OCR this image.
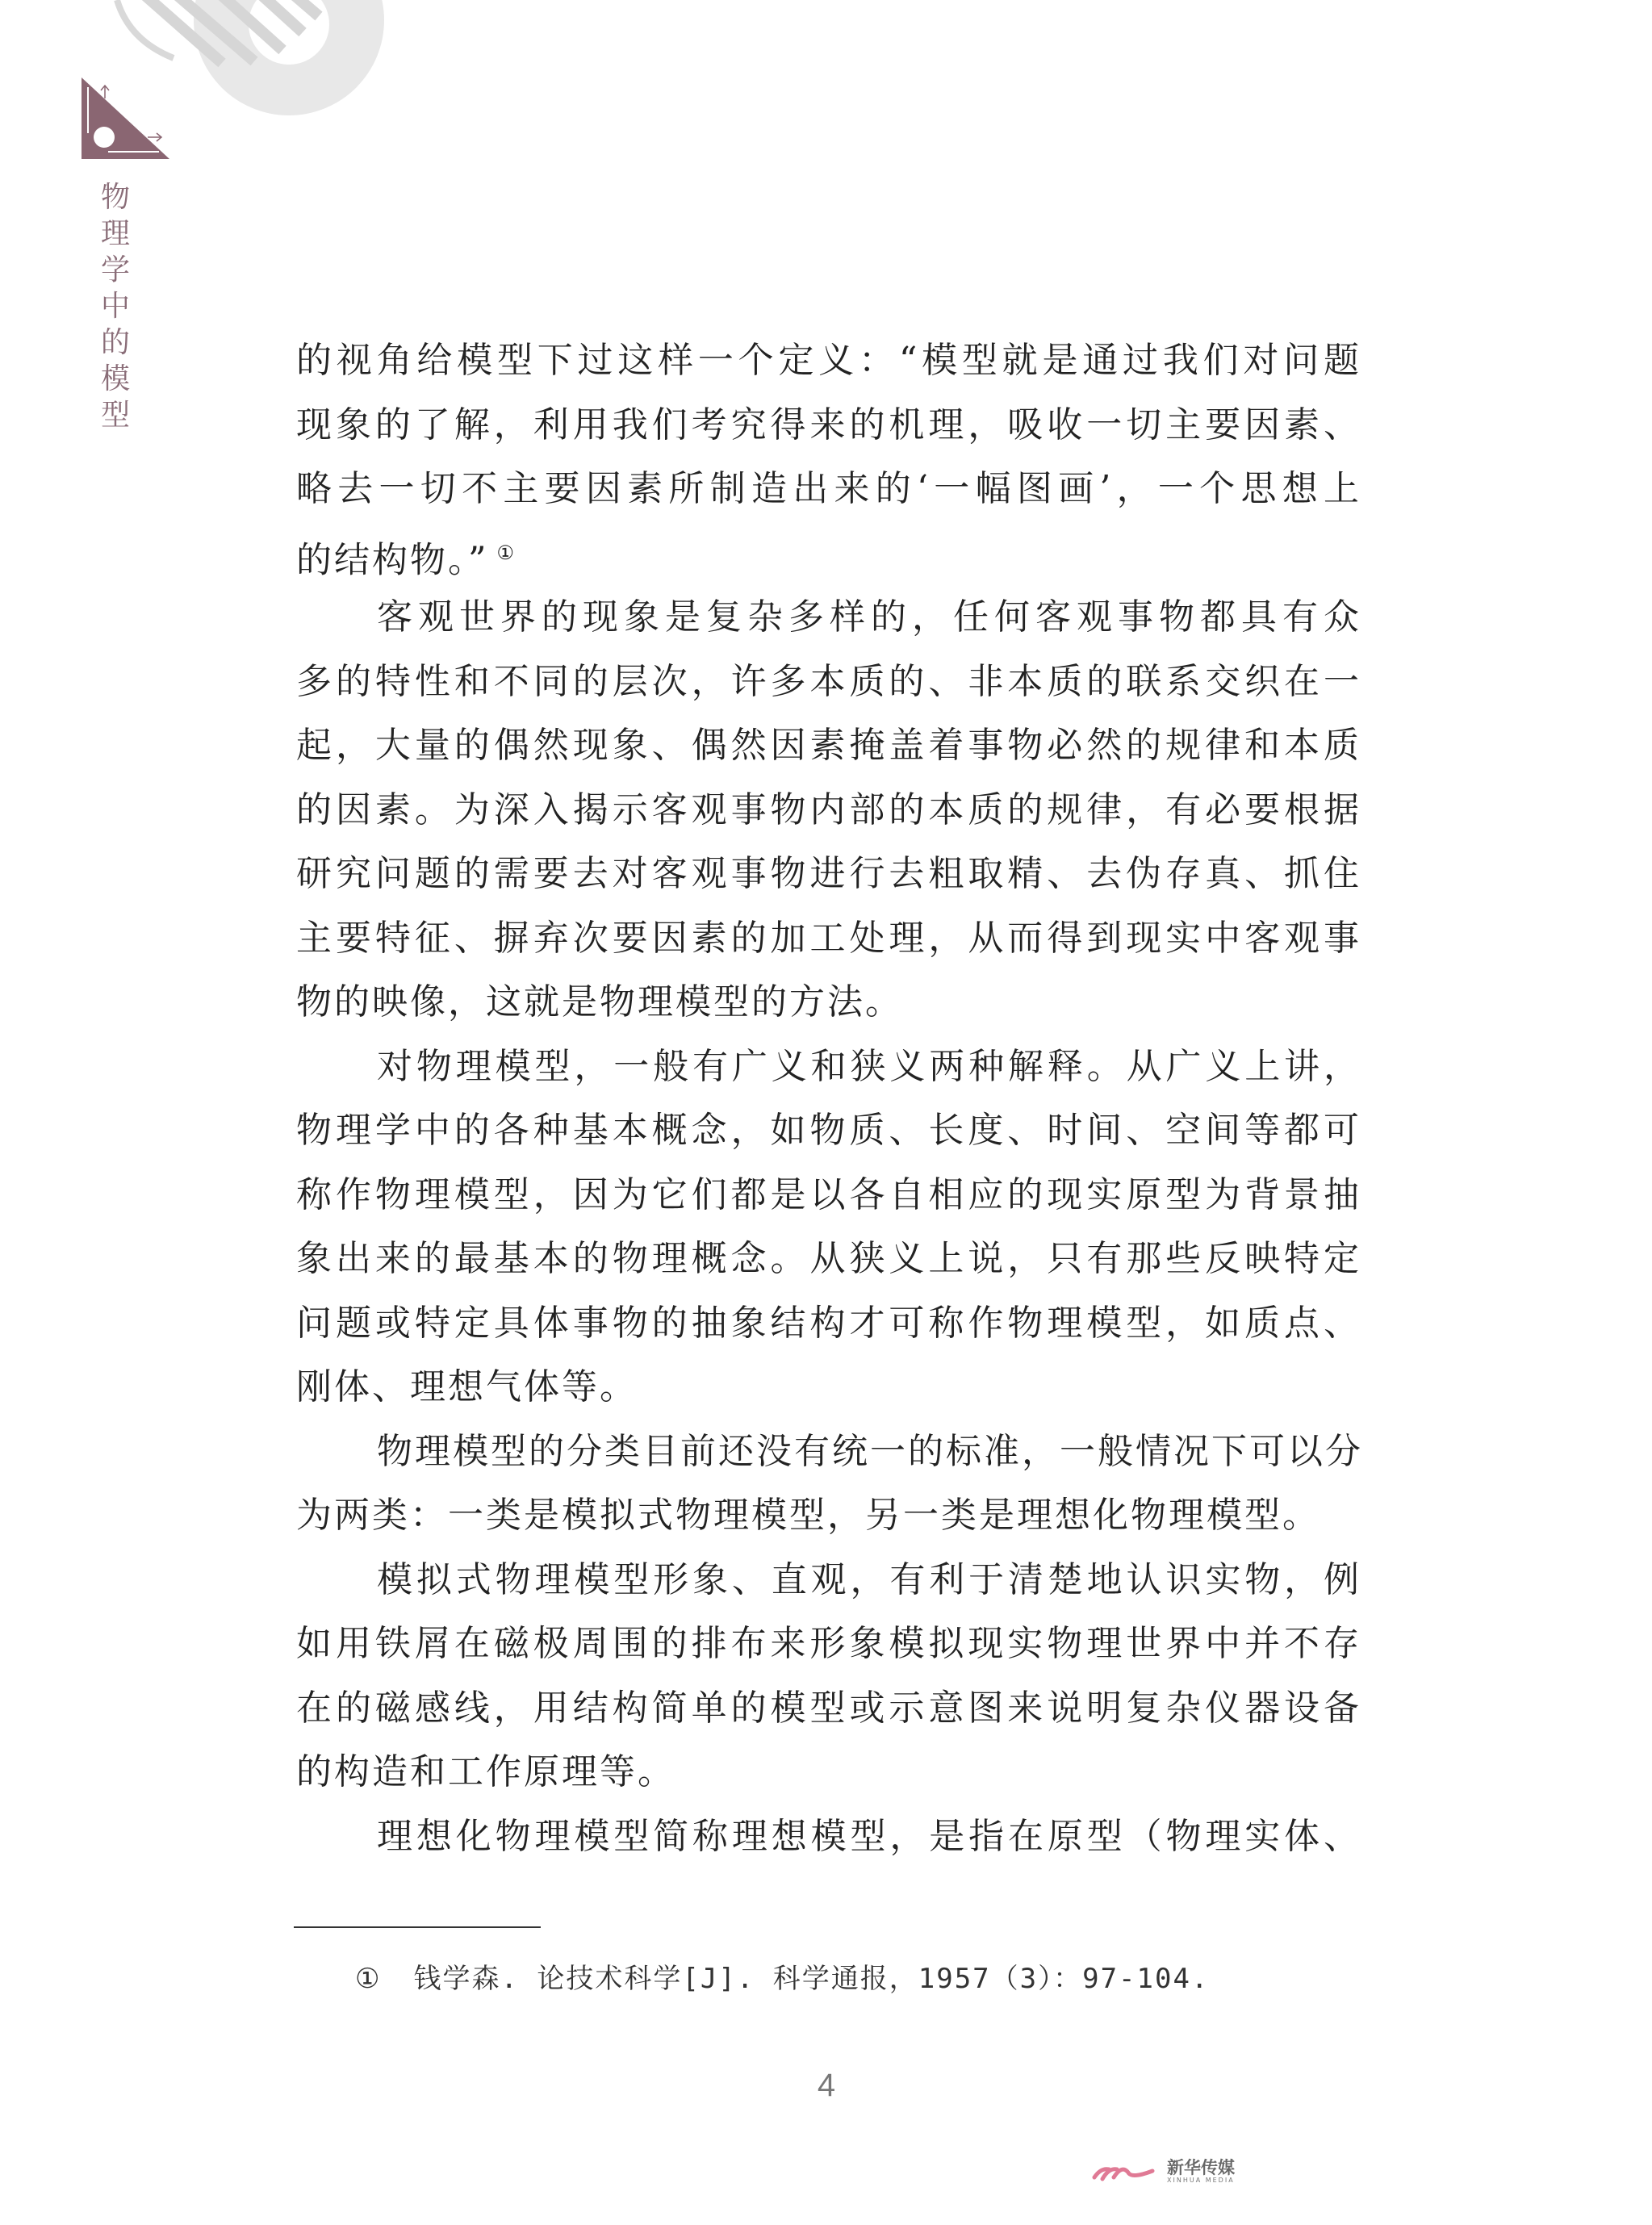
物
理
学
中
的
模
型
的视角给模型下过这样一个定义：“模型就是通过我们对问题
现象的了解，利用我们考究得来的机理，吸收一切主要因素、
略去一切不主要因素所制造出来的‘一幅图画’，一个思想上
的结构物。” ①
客观世界的现象是复杂多样的，任何客观事物都具有众
多的特性和不同的层次，许多本质的、非本质的联系交织在一
起，大量的偶然现象、偶然因素掩盖着事物必然的规律和本质
的因素。为深入揭示客观事物内部的本质的规律，有必要根据
研究问题的需要去对客观事物进行去粗取精、去伪存真、抓住
主要特征、摒弃次要因素的加工处理，从而得到现实中客观事
物的映像，这就是物理模型的方法。
对物理模型，一般有广义和狭义两种解释。从广义上讲，
物理学中的各种基本概念，如物质、长度、时间、空间等都可
称作物理模型，因为它们都是以各自相应的现实原型为背景抽
象出来的最基本的物理概念。从狭义上说，只有那些反映特定
问题或特定具体事物的抽象结构才可称作物理模型，如质点、
刚体、理想气体等。
物理模型的分类目前还没有统一的标准，一般情况下可以分
为两类：一类是模拟式物理模型，另一类是理想化物理模型。
模拟式物理模型形象、直观，有利于清楚地认识实物，例
如用铁屑在磁极周围的排布来形象模拟现实物理世界中并不存
在的磁感线，用结构简单的模型或示意图来说明复杂仪器设备
的构造和工作原理等。
理想化物理模型简称理想模型，是指在原型（物理实体、
① 钱学森. 论技术科学[J]. 科学通报，1957（3）：97-104.
4
新华传媒
XINHUA MEDIA
